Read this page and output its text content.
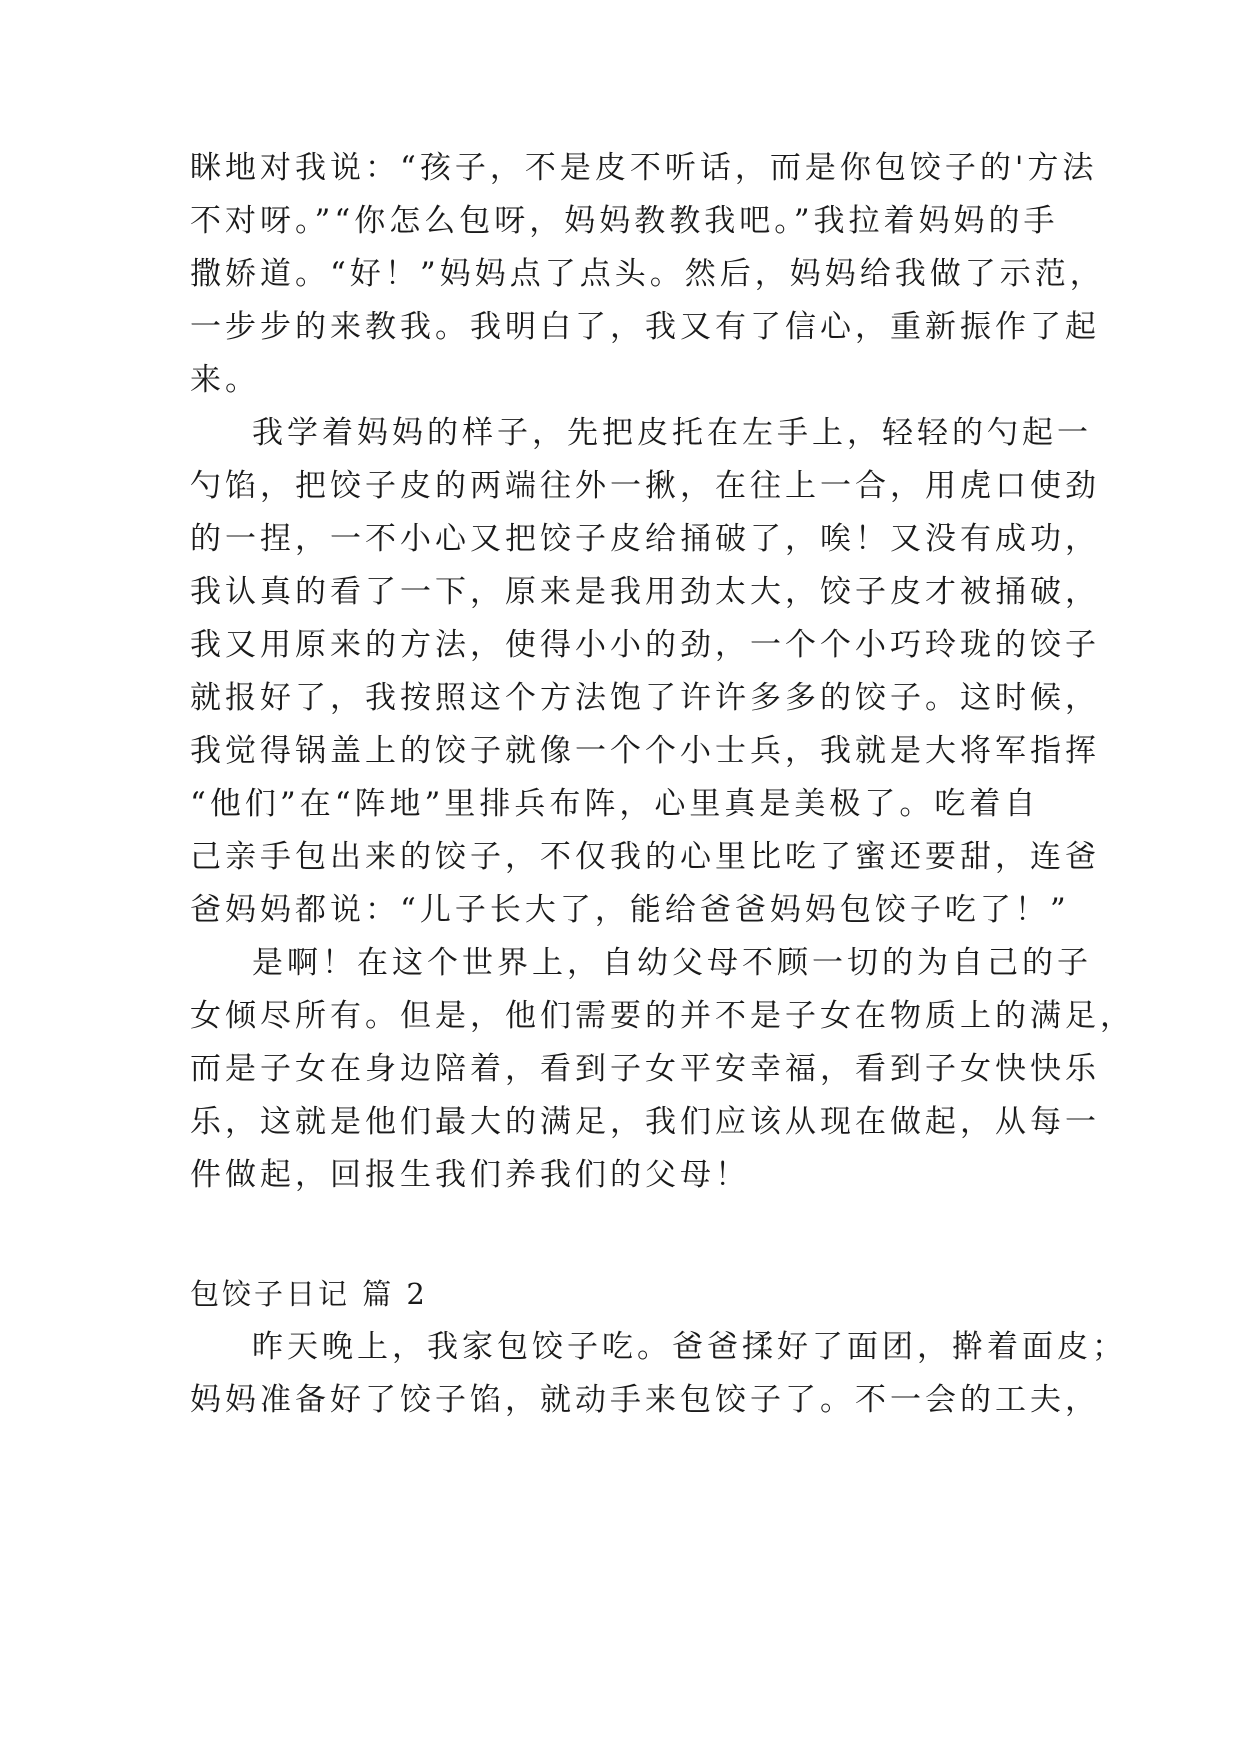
眯地对我说：“孩子，不是皮不听话，而是你包饺子的'方法
不对呀。”“你怎么包呀，妈妈教教我吧。”我拉着妈妈的手
撒娇道。“好！”妈妈点了点头。然后，妈妈给我做了示范，
一步步的来教我。我明白了，我又有了信心，重新振作了起
来。
我学着妈妈的样子，先把皮托在左手上，轻轻的勺起一
勺馅，把饺子皮的两端往外一揪，在往上一合，用虎口使劲
的一捏，一不小心又把饺子皮给捅破了，唉！又没有成功，
我认真的看了一下，原来是我用劲太大，饺子皮才被捅破，
我又用原来的方法，使得小小的劲，一个个小巧玲珑的饺子
就报好了，我按照这个方法饱了许许多多的饺子。这时候，
我觉得锅盖上的饺子就像一个个小士兵，我就是大将军指挥
“他们”在“阵地”里排兵布阵，心里真是美极了。吃着自
己亲手包出来的饺子，不仅我的心里比吃了蜜还要甜，连爸
爸妈妈都说：“儿子长大了，能给爸爸妈妈包饺子吃了！”
是啊！在这个世界上，自幼父母不顾一切的为自己的子
女倾尽所有。但是，他们需要的并不是子女在物质上的满足，
而是子女在身边陪着，看到子女平安幸福，看到子女快快乐
乐，这就是他们最大的满足，我们应该从现在做起，从每一
件做起，回报生我们养我们的父母！
包饺子日记 篇 2
昨天晚上，我家包饺子吃。爸爸揉好了面团，擀着面皮；
妈妈准备好了饺子馅，就动手来包饺子了。不一会的工夫，
